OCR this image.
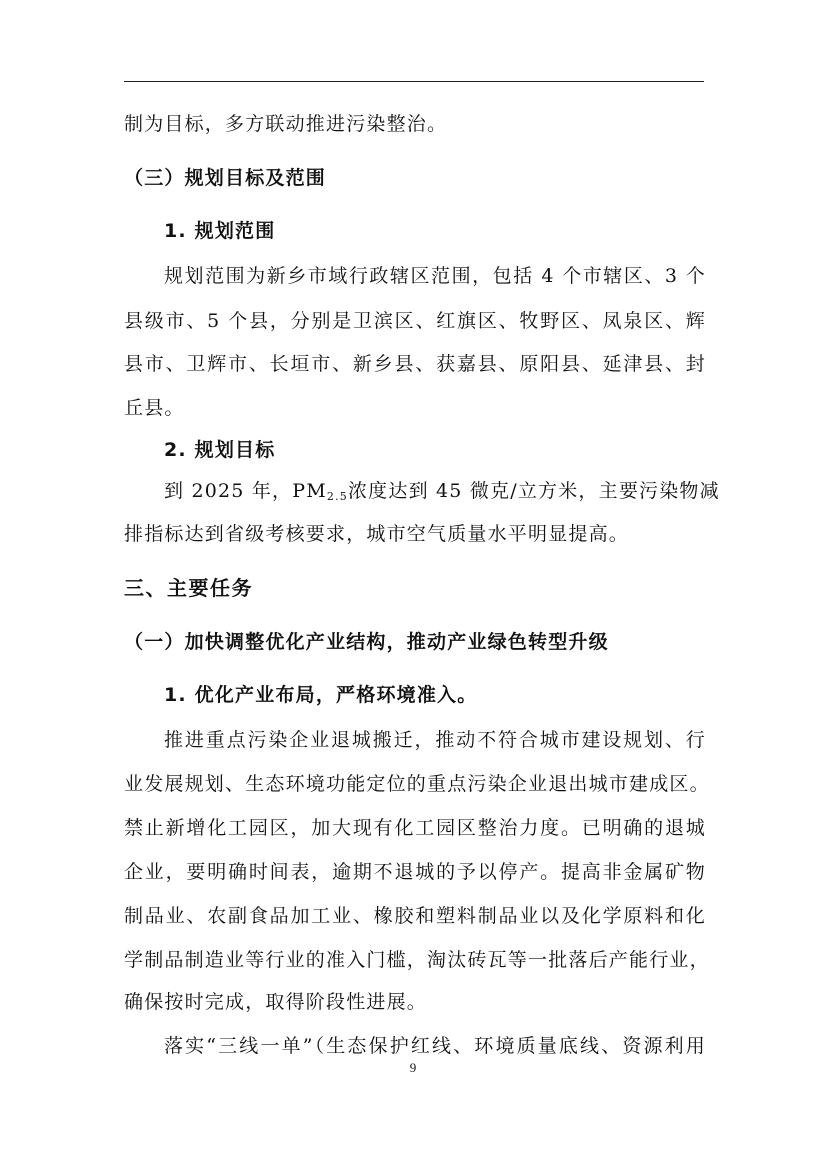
制为目标，多方联动推进污染整治。
（三）规划目标及范围
1. 规划范围
规划范围为新乡市域行政辖区范围，包括 4 个市辖区、3 个
县级市、5 个县，分别是卫滨区、红旗区、牧野区、凤泉区、辉
县市、卫辉市、长垣市、新乡县、获嘉县、原阳县、延津县、封
丘县。
2. 规划目标
到 2025 年，$PM_{2.5}$浓度达到 45 微克/立方米，主要污染物减
排指标达到省级考核要求，城市空气质量水平明显提高。
三、主要任务
（一）加快调整优化产业结构，推动产业绿色转型升级
1. 优化产业布局，严格环境准入。
推进重点污染企业退城搬迁，推动不符合城市建设规划、行
业发展规划、生态环境功能定位的重点污染企业退出城市建成区。
禁止新增化工园区，加大现有化工园区整治力度。已明确的退城
企业，要明确时间表，逾期不退城的予以停产。提高非金属矿物
制品业、农副食品加工业、橡胶和塑料制品业以及化学原料和化
学制品制造业等行业的准入门槛，淘汰砖瓦等一批落后产能行业，
确保按时完成，取得阶段性进展。
落实“三线一单”（生态保护红线、环境质量底线、资源利用
9
